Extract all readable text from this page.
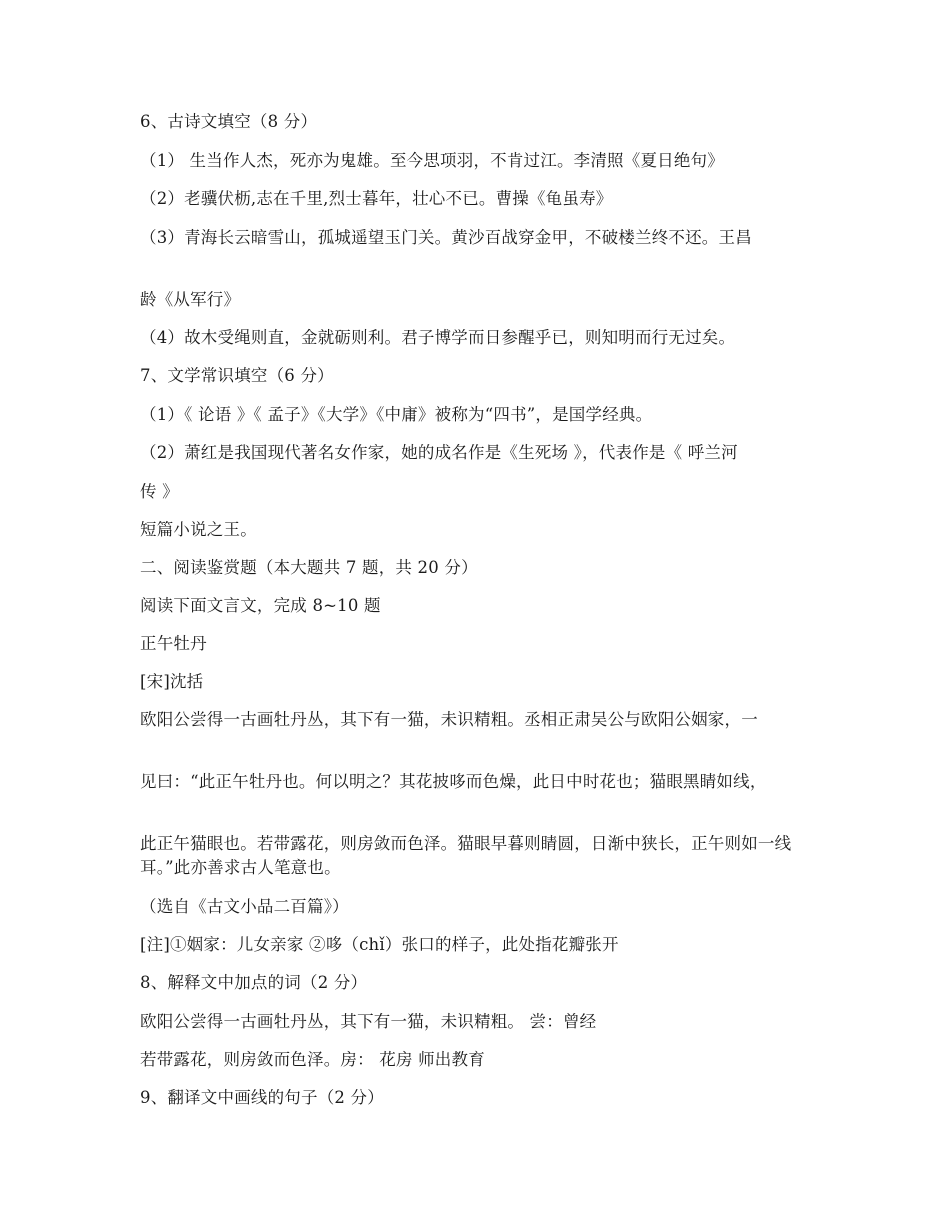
6、古诗文填空（8 分）
（1） 生当作人杰，死亦为鬼雄。至今思项羽，不肯过江。李清照《夏日绝句》
（2）老骥伏枥,志在千里,烈士暮年，壮心不已。曹操《龟虽寿》
（3）青海长云暗雪山，孤城遥望玉门关。黄沙百战穿金甲，不破楼兰终不还。王昌
龄《从军行》
（4）故木受绳则直，金就砺则利。君子博学而日参醒乎已，则知明而行无过矣。
7、文学常识填空（6 分）
（1）《 论语 》《 孟子》《大学》《中庸》被称为“四书”，是国学经典。
（2）萧红是我国现代著名女作家，她的成名作是《生死场 》，代表作是《 呼兰河
传 》
短篇小说之王。
二、阅读鉴赏题（本大题共 7 题，共 20 分）
阅读下面文言文，完成 8~10 题
正午牡丹
[宋]沈括
欧阳公尝得一古画牡丹丛，其下有一猫，未识精粗。丞相正肃吴公与欧阳公姻家，一
见曰：“此正午牡丹也。何以明之？其花披哆而色燥，此日中时花也；猫眼黑睛如线，
此正午猫眼也。若带露花，则房敛而色泽。猫眼早暮则睛圆，日渐中狭长，正午则如一线耳。”此亦善求古人笔意也。
（选自《古文小品二百篇》）
[注]①姻家：儿女亲家 ②哆（chǐ）张口的样子，此处指花瓣张开
8、解释文中加点的词（2 分）
欧阳公尝得一古画牡丹丛，其下有一猫，未识精粗。 尝：曾经
若带露花，则房敛而色泽。房： 花房 师出教育
9、翻译文中画线的句子（2 分）
